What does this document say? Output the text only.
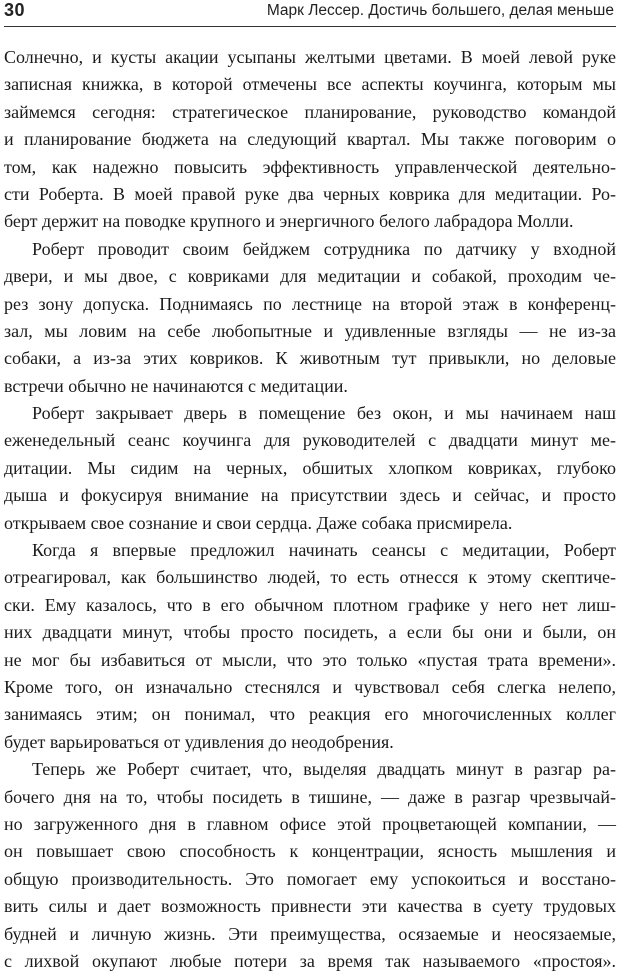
30	Марк Лессер. Достичь большего, делая меньше
Солнечно, и кусты акации усыпаны желтыми цветами. В моей левой руке
записная книжка, в которой отмечены все аспекты коучинга, которым мы
займемся сегодня: стратегическое планирование, руководство командой
и планирование бюджета на следующий квартал. Мы также поговорим о
том, как надежно повысить эффективность управленческой деятельно-
сти Роберта. В моей правой руке два черных коврика для медитации. Ро-
берт держит на поводке крупного и энергичного белого лабрадора Молли.
Роберт проводит своим бейджем сотрудника по датчику у входной
двери, и мы двое, с ковриками для медитации и собакой, проходим че-
рез зону допуска. Поднимаясь по лестнице на второй этаж в конференц-
зал, мы ловим на себе любопытные и удивленные взгляды — не из-за
собаки, а из-за этих ковриков. К животным тут привыкли, но деловые
встречи обычно не начинаются с медитации.
Роберт закрывает дверь в помещение без окон, и мы начинаем наш
еженедельный сеанс коучинга для руководителей с двадцати минут ме-
дитации. Мы сидим на черных, обшитых хлопком ковриках, глубоко
дыша и фокусируя внимание на присутствии здесь и сейчас, и просто
открываем свое сознание и свои сердца. Даже собака присмирела.
Когда я впервые предложил начинать сеансы с медитации, Роберт
отреагировал, как большинство людей, то есть отнесся к этому скептиче-
ски. Ему казалось, что в его обычном плотном графике у него нет лиш-
них двадцати минут, чтобы просто посидеть, а если бы они и были, он
не мог бы избавиться от мысли, что это только «пустая трата времени».
Кроме того, он изначально стеснялся и чувствовал себя слегка нелепо,
занимаясь этим; он понимал, что реакция его многочисленных коллег
будет варьироваться от удивления до неодобрения.
Теперь же Роберт считает, что, выделяя двадцать минут в разгар ра-
бочего дня на то, чтобы посидеть в тишине, — даже в разгар чрезвычай-
но загруженного дня в главном офисе этой процветающей компании, —
он повышает свою способность к концентрации, ясность мышления и
общую производительность. Это помогает ему успокоиться и восстано-
вить силы и дает возможность привнести эти качества в суету трудовых
будней и личную жизнь. Эти преимущества, осязаемые и неосязаемые,
с лихвой окупают любые потери за время так называемого «простоя».
